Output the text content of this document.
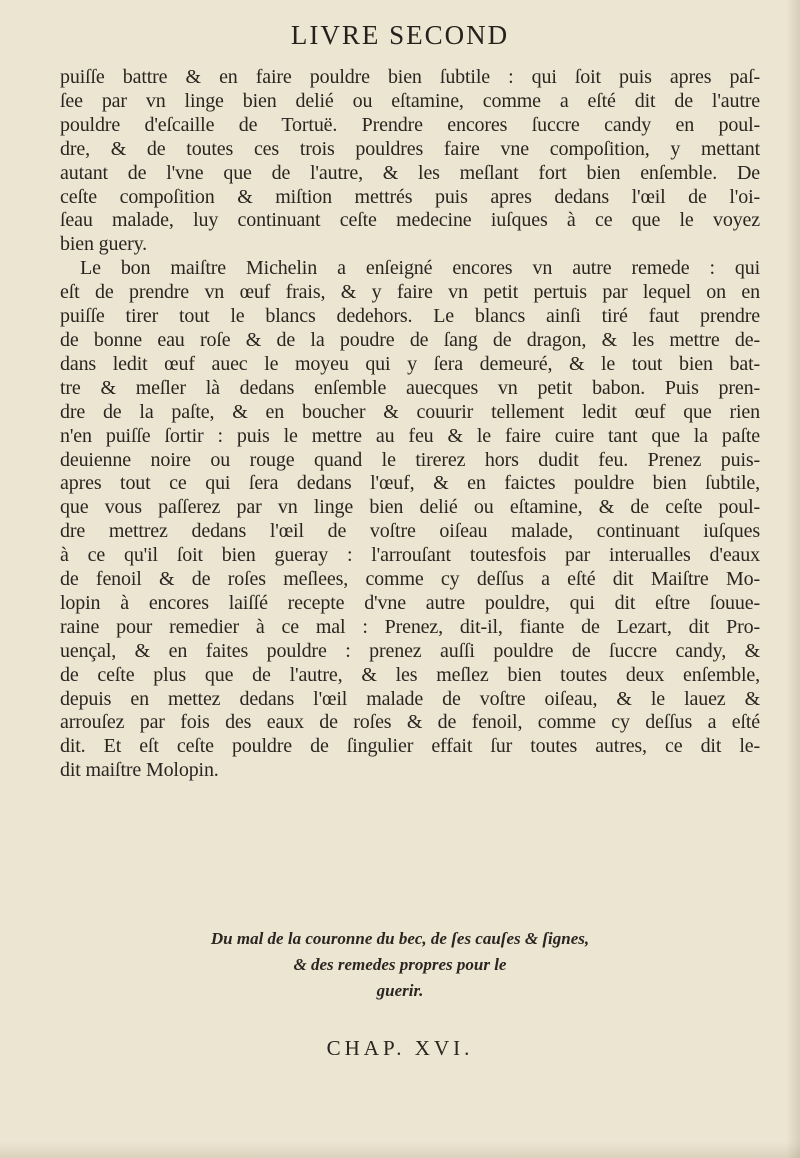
LIVRE SECOND
puiſſe battre & en faire pouldre bien ſubtile : qui ſoit puis apres paſ-
ſee par vn linge bien delié ou eſtamine, comme a eſté dit de l'autre
pouldre d'eſcaille de Tortuë. Prendre encores ſuccre candy en poul-
dre, & de toutes ces trois pouldres faire vne compoſition, y mettant
autant de l'vne que de l'autre, & les meſlant fort bien enſemble. De
ceſte compoſition & miſtion mettrés puis apres dedans l'œil de l'oi-
ſeau malade, luy continuant ceſte medecine iuſques à ce que le voyez
bien guery.
Le bon maiſtre Michelin a enſeigné encores vn autre remede : qui
eſt de prendre vn œuf frais, & y faire vn petit pertuis par lequel on en
puiſſe tirer tout le blancs dedehors. Le blancs ainſi tiré faut prendre
de bonne eau roſe & de la poudre de ſang de dragon, & les mettre de-
dans ledit œuf auec le moyeu qui y ſera demeuré, & le tout bien bat-
tre & meſler là dedans enſemble auecques vn petit babon. Puis pren-
dre de la paſte, & en boucher & couurir tellement ledit œuf que rien
n'en puiſſe ſortir : puis le mettre au feu & le faire cuire tant que la paſte
deuienne noire ou rouge quand le tirerez hors dudit feu. Prenez puis-
apres tout ce qui ſera dedans l'œuf, & en faictes pouldre bien ſubtile,
que vous paſſerez par vn linge bien delié ou eſtamine, & de ceſte poul-
dre mettrez dedans l'œil de voſtre oiſeau malade, continuant iuſques
à ce qu'il ſoit bien gueray : l'arrouſant toutesfois par interualles d'eaux
de fenoil & de roſes meſlees, comme cy deſſus a eſté dit Maiſtre Mo-
lopin à encores laiſſé recepte d'vne autre pouldre, qui dit eſtre ſouue-
raine pour remedier à ce mal : Prenez, dit-il, fiante de Lezart, dit Pro-
uençal, & en faites pouldre : prenez auſſi pouldre de ſuccre candy, &
de ceſte plus que de l'autre, & les meſlez bien toutes deux enſemble,
depuis en mettez dedans l'œil malade de voſtre oiſeau, & le lauez &
arrouſez par fois des eaux de roſes & de fenoil, comme cy deſſus a eſté
dit. Et eſt ceſte pouldre de ſingulier effait ſur toutes autres, ce dit le-
dit maiſtre Molopin.
Du mal de la couronne du bec, de ſes cauſes & ſignes,
& des remedes propres pour le
guerir.
CHAP. XVI.
